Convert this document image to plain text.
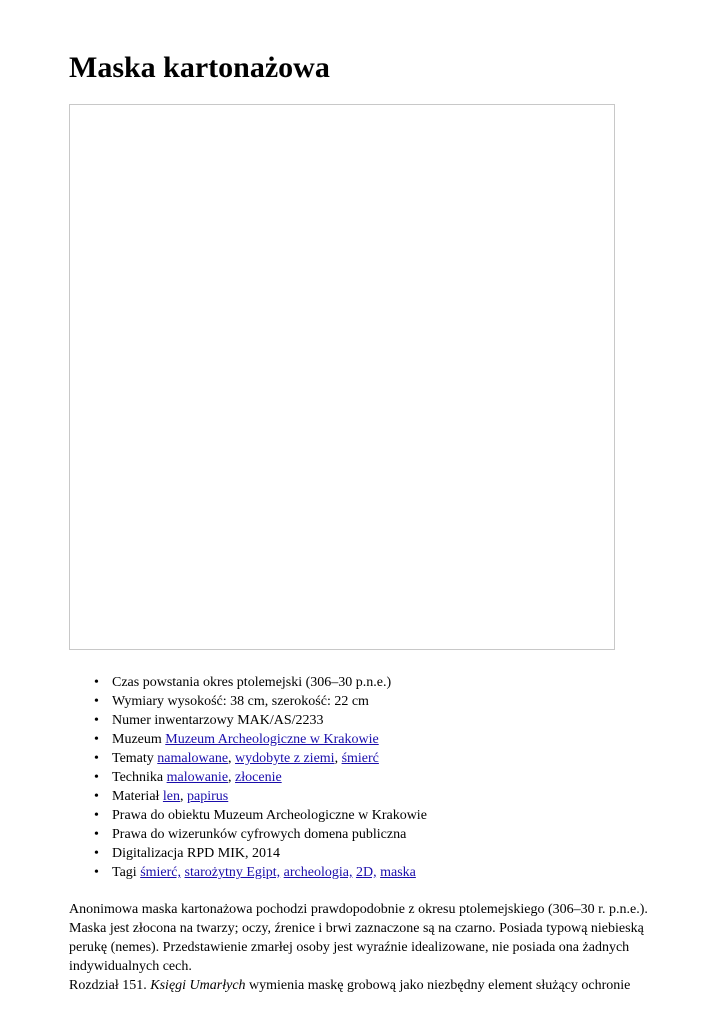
Maska kartonażowa
• Czas powstania okres ptolemejski (306–30 p.n.e.)
• Wymiary wysokość: 38 cm, szerokość: 22 cm
• Numer inwentarzowy MAK/AS/2233
• Muzeum Muzeum Archeologiczne w Krakowie
• Tematy namalowane, wydobyte z ziemi, śmierć
• Technika malowanie, złocenie
• Materiał len, papirus
• Prawa do obiektu Muzeum Archeologiczne w Krakowie
• Prawa do wizerunków cyfrowych domena publiczna
• Digitalizacja RPD MIK, 2014
• Tagi śmierć, starożytny Egipt, archeologia, 2D, maska

Anonimowa maska kartonażowa pochodzi prawdopodobnie z okresu ptolemejskiego (306–30 r. p.n.e.). Maska jest złocona na twarzy; oczy, źrenice i brwi zaznaczone są na czarno. Posiada typową niebieską perukę (nemes). Przedstawienie zmarłej osoby jest wyraźnie idealizowane, nie posiada ona żadnych indywidualnych cech.

Rozdział 151. Księgi Umarłych wymienia maskę grobową jako niezbędny element służący ochronie
